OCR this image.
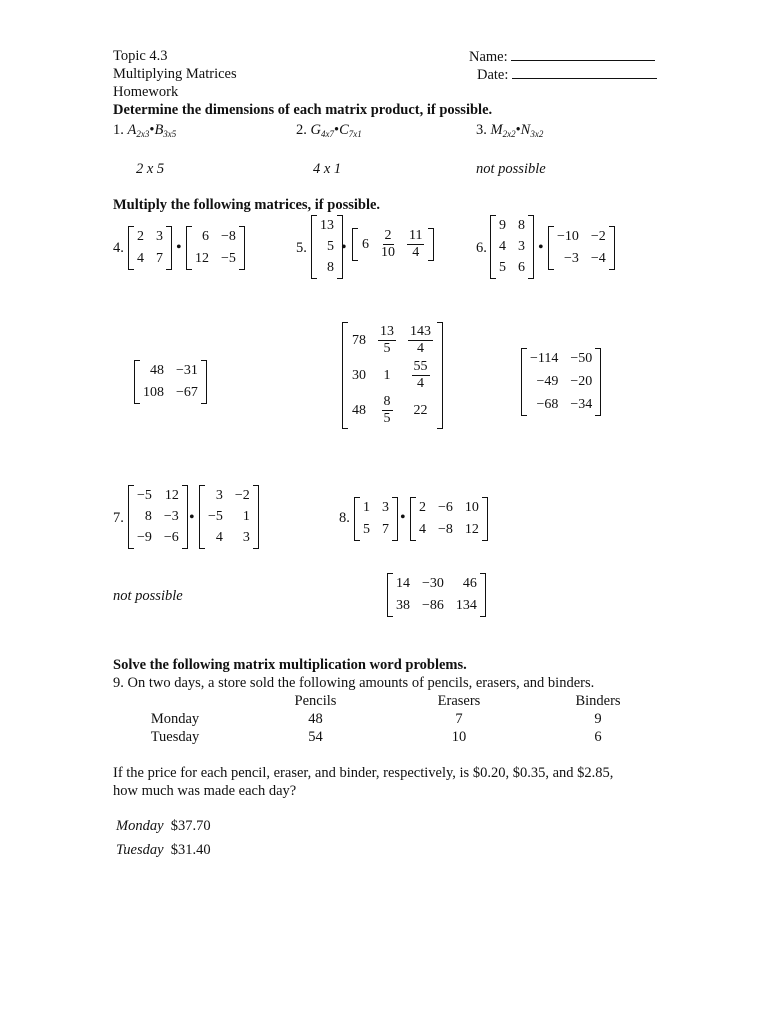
Topic 4.3
Multiplying Matrices
Homework
Name:
Date:
Determine the dimensions of each matrix product, if possible.
1. $A_{2x3}•B_{3x5}$	2. $G_{4x7}•C_{7x1}$	3. $M_{2x2}•N_{3x2}$
2 x 5	4 x 1	not possible
Multiply the following matrices, if possible.
4.
2 3
4 7
•
6 −8
12 −5
5.
13
5
8
• $6 \frac{2}{10} \frac{11}{4}$	6.
9 8
4 3
5 6
•
−10 −2
−3 −4
48 −31
108 −67
$78 \frac{13}{5} \frac{143}{4}$
30 $1 \frac{55}{4}$
$48 \frac{8}{5} 22$
−114 −50
−49 −20
−68 −34
7.
−5 12
8 −3
−9 −6
•
3 −2
−5	1
4	3
not possible
8.
1 3
5 7
•
2 −6 10
4 −8 12
14 −30	46
38 −86 134
Solve the following matrix multiplication word problems.
9. On two days, a store sold the following amounts of pencils, erasers, and binders.
	Pencils	Erasers	Binders
Monday	48	7	9
Tuesday	54	10	6
If the price for each pencil, eraser, and binder, respectively, is $0.20, $0.35, and $2.85,
how much was made each day?
Monday $37.70
Tuesday $31.40
